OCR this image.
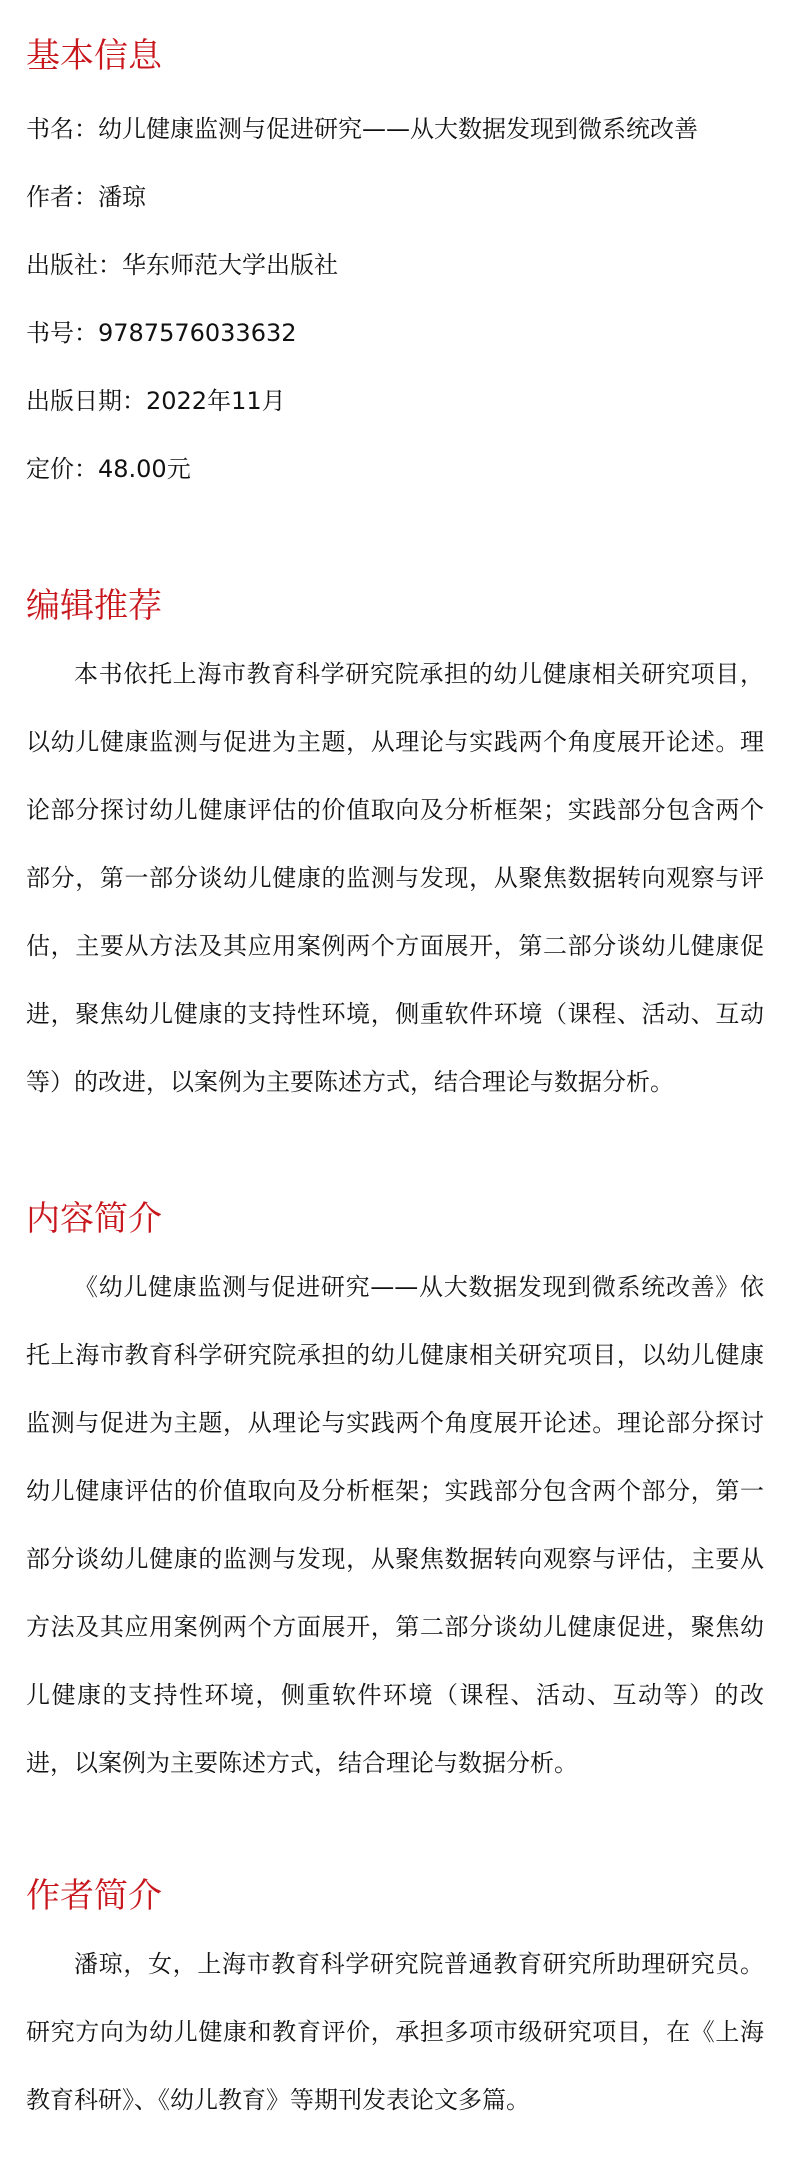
基本信息

书名：幼儿健康监测与促进研究——从大数据发现到微系统改善

作者：潘琼

出版社：华东师范大学出版社

书号：9787576033632

出版日期：2022年11月

定价：48.00元

编辑推荐

本书依托上海市教育科学研究院承担的幼儿健康相关研究项目，以幼儿健康监测与促进为主题，从理论与实践两个角度展开论述。理论部分探讨幼儿健康评估的价值取向及分析框架；实践部分包含两个部分，第一部分谈幼儿健康的监测与发现，从聚焦数据转向观察与评估，主要从方法及其应用案例两个方面展开，第二部分谈幼儿健康促进，聚焦幼儿健康的支持性环境，侧重软件环境（课程、活动、互动等）的改进，以案例为主要陈述方式，结合理论与数据分析。

内容简介

《幼儿健康监测与促进研究——从大数据发现到微系统改善》依托上海市教育科学研究院承担的幼儿健康相关研究项目，以幼儿健康监测与促进为主题，从理论与实践两个角度展开论述。理论部分探讨幼儿健康评估的价值取向及分析框架；实践部分包含两个部分，第一部分谈幼儿健康的监测与发现，从聚焦数据转向观察与评估，主要从方法及其应用案例两个方面展开，第二部分谈幼儿健康促进，聚焦幼儿健康的支持性环境，侧重软件环境（课程、活动、互动等）的改进，以案例为主要陈述方式，结合理论与数据分析。

作者简介

潘琼，女，上海市教育科学研究院普通教育研究所助理研究员。研究方向为幼儿健康和教育评价，承担多项市级研究项目，在《上海教育科研》、《幼儿教育》等期刊发表论文多篇。
